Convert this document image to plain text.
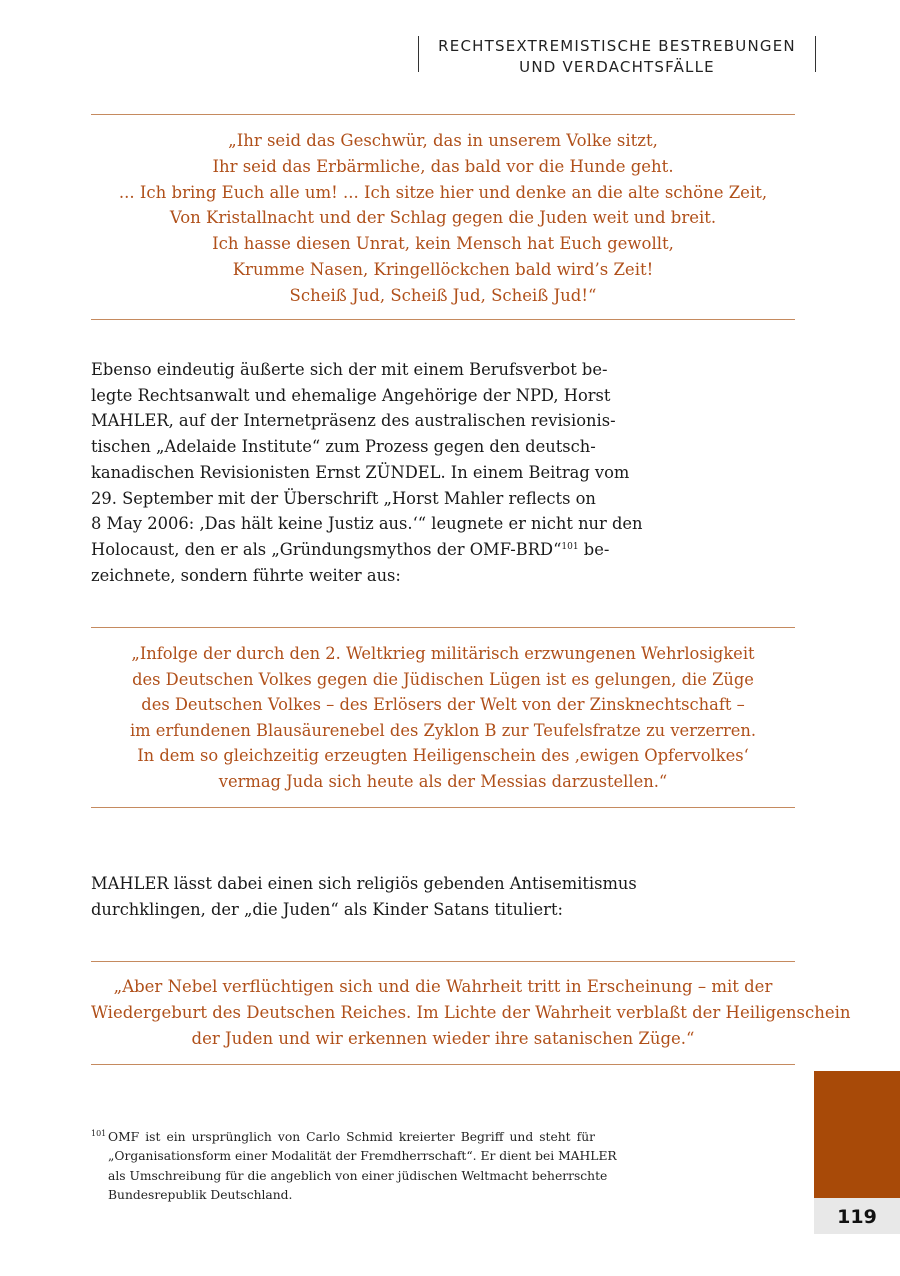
RECHTSEXTREMISTISCHE BESTREBUNGEN
UND VERDACHTSFÄLLE
„Ihr seid das Geschwür, das in unserem Volke sitzt,
Ihr seid das Erbärmliche, das bald vor die Hunde geht.
... Ich bring Euch alle um! ... Ich sitze hier und denke an die alte schöne Zeit,
Von Kristallnacht und der Schlag gegen die Juden weit und breit.
Ich hasse diesen Unrat, kein Mensch hat Euch gewollt,
Krumme Nasen, Kringellöckchen bald wird’s Zeit!
Scheiß Jud, Scheiß Jud, Scheiß Jud!“
Ebenso eindeutig äußerte sich der mit einem Berufsverbot be-
legte Rechtsanwalt und ehemalige Angehörige der NPD, Horst
MAHLER, auf der Internetpräsenz des australischen revisionis-
tischen „Adelaide Institute“ zum Prozess gegen den deutsch-
kanadischen Revisionisten Ernst ZÜNDEL. In einem Beitrag vom
29. September mit der Überschrift „Horst Mahler reflects on
8 May 2006: ‚Das hält keine Justiz aus.‘“ leugnete er nicht nur den
Holocaust, den er als „Gründungsmythos der OMF-BRD“$^{101}$ be-
zeichnete, sondern führte weiter aus:
„Infolge der durch den 2. Weltkrieg militärisch erzwungenen Wehrlosigkeit
des Deutschen Volkes gegen die Jüdischen Lügen ist es gelungen, die Züge
des Deutschen Volkes – des Erlösers der Welt von der Zinsknechtschaft –
im erfundenen Blausäurenebel des Zyklon B zur Teufelsfratze zu verzerren.
In dem so gleichzeitig erzeugten Heiligenschein des ‚ewigen Opfervolkes‘
vermag Juda sich heute als der Messias darzustellen.“
MAHLER lässt dabei einen sich religiös gebenden Antisemitismus
durchklingen, der „die Juden“ als Kinder Satans tituliert:
„Aber Nebel verflüchtigen sich und die Wahrheit tritt in Erscheinung – mit der
Wiedergeburt des Deutschen Reiches. Im Lichte der Wahrheit verblaßt der Heiligenschein
der Juden und wir erkennen wieder ihre satanischen Züge.“
101 OMF ist ein ursprünglich von Carlo Schmid kreierter Begriff und steht für
„Organisationsform einer Modalität der Fremdherrschaft“. Er dient bei MAHLER
als Umschreibung für die angeblich von einer jüdischen Weltmacht beherrschte
Bundesrepublik Deutschland.
119
